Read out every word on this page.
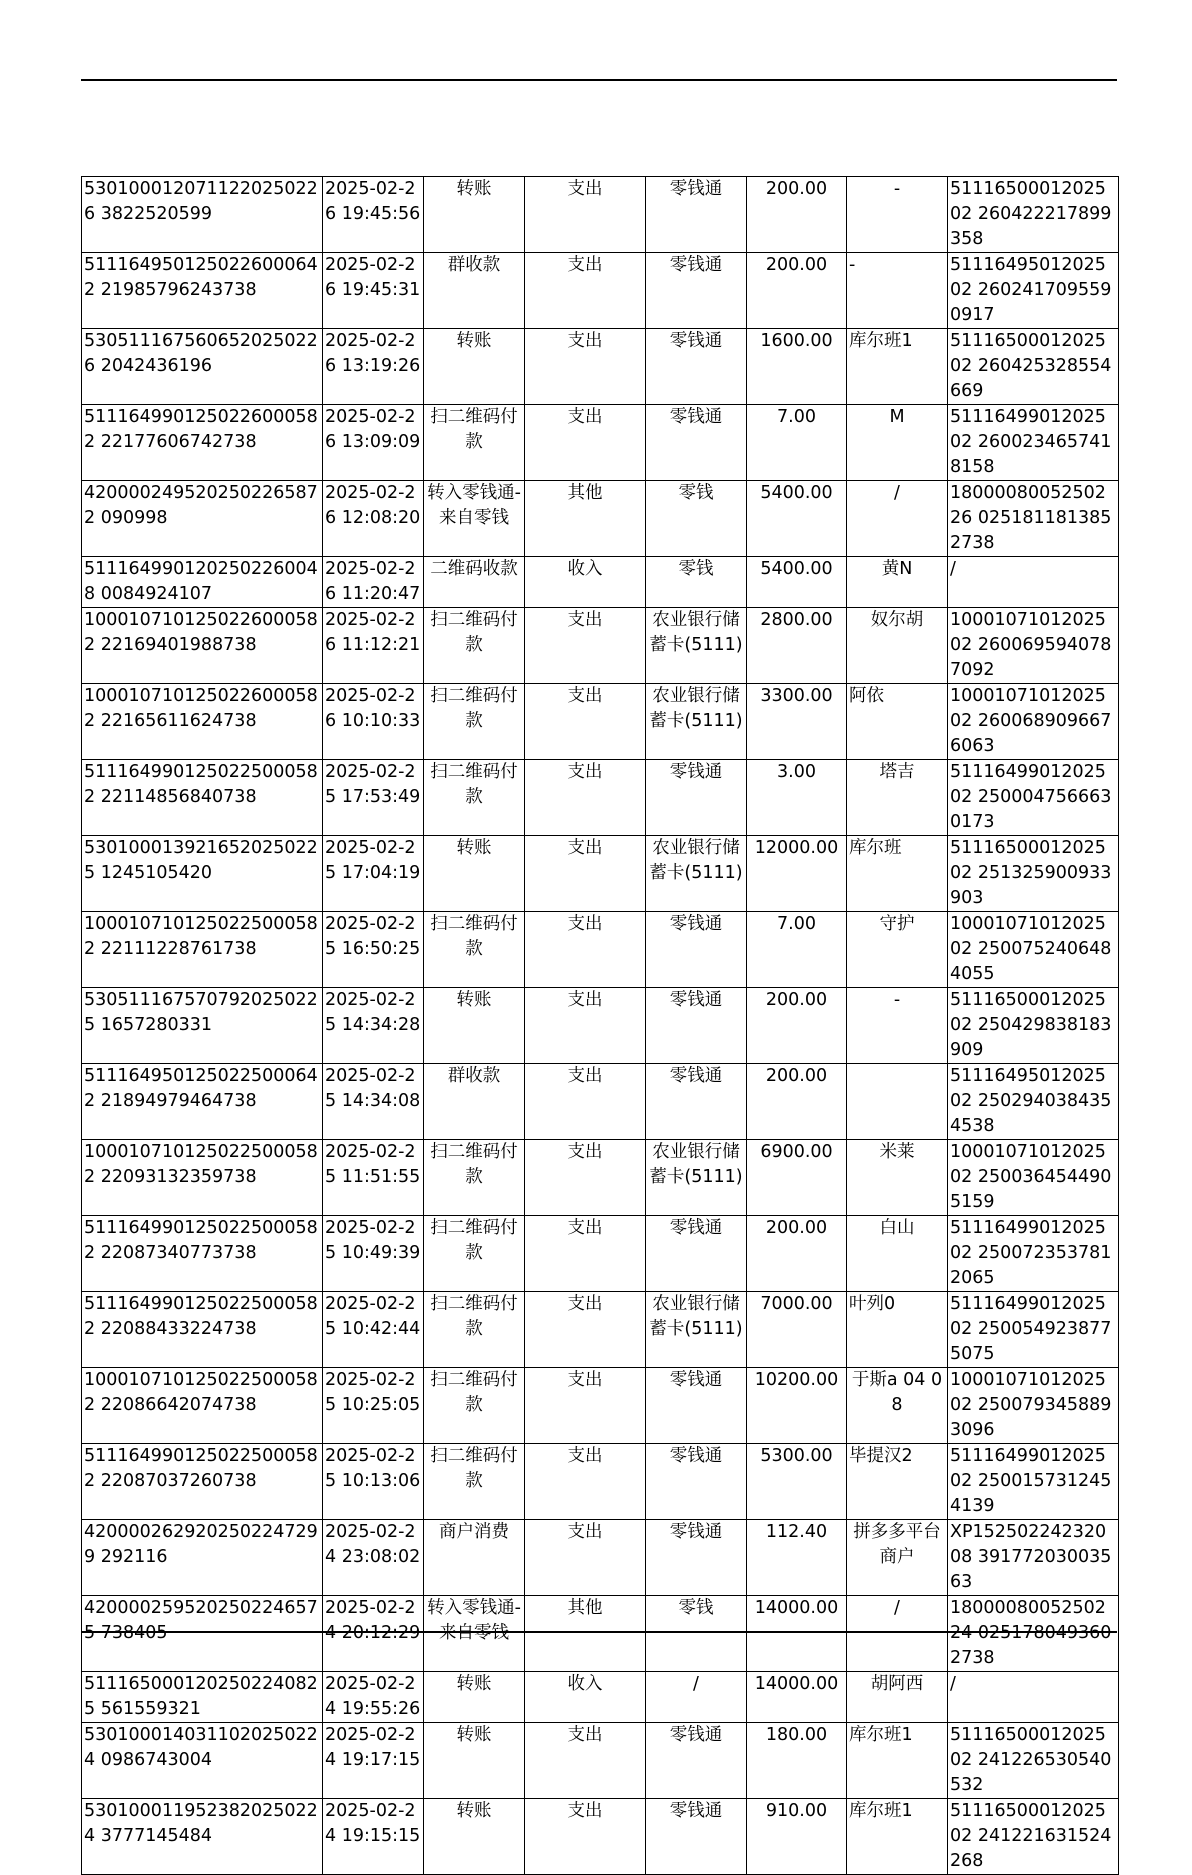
5301000120711220250226 3822520599	2025-02-26 19:45:56	转账	支出	零钱通	200.00	-	5111650001202502 260422217899358
5111649501250226000642 21985796243738	2025-02-26 19:45:31	群收款	支出	零钱通	200.00	-	5111649501202502 2602417095590917
5305111675606520250226 2042436196	2025-02-26 13:19:26	转账	支出	零钱通	1600.00	库尔班1	5111650001202502 260425328554669
5111649901250226000582 22177606742738	2025-02-26 13:09:09	扫二维码付款	支出	零钱通	7.00	M	5111649901202502 2600234657418158
4200002495202502265872 090998	2025-02-26 12:08:20	转入零钱通-来自零钱	其他	零钱	5400.00	/	1800008005250226 0251811813852738
5111649901202502260048 0084924107	2025-02-26 11:20:47	二维码收款	收入	零钱	5400.00	黄N	/
1000107101250226000582 22169401988738	2025-02-26 11:12:21	扫二维码付款	支出	农业银行储蓄卡(5111)	2800.00	奴尔胡	1000107101202502 2600695940787092
1000107101250226000582 22165611624738	2025-02-26 10:10:33	扫二维码付款	支出	农业银行储蓄卡(5111)	3300.00	阿依	1000107101202502 2600689096676063
5111649901250225000582 22114856840738	2025-02-25 17:53:49	扫二维码付款	支出	零钱通	3.00	塔吉	5111649901202502 2500047566630173
5301000139216520250225 1245105420	2025-02-25 17:04:19	转账	支出	农业银行储蓄卡(5111)	12000.00	库尔班	5111650001202502 251325900933903
1000107101250225000582 22111228761738	2025-02-25 16:50:25	扫二维码付款	支出	零钱通	7.00	守护	1000107101202502 2500752406484055
5305111675707920250225 1657280331	2025-02-25 14:34:28	转账	支出	零钱通	200.00	-	5111650001202502 250429838183909
5111649501250225000642 21894979464738	2025-02-25 14:34:08	群收款	支出	零钱通	200.00		5111649501202502 2502940384354538
1000107101250225000582 22093132359738	2025-02-25 11:51:55	扫二维码付款	支出	农业银行储蓄卡(5111)	6900.00	米莱	1000107101202502 2500364544905159
5111649901250225000582 22087340773738	2025-02-25 10:49:39	扫二维码付款	支出	零钱通	200.00	白山	5111649901202502 2500723537812065
5111649901250225000582 22088433224738	2025-02-25 10:42:44	扫二维码付款	支出	农业银行储蓄卡(5111)	7000.00	叶列0	5111649901202502 2500549238775075
1000107101250225000582 22086642074738	2025-02-25 10:25:05	扫二维码付款	支出	零钱通	10200.00	于斯a 04 08	1000107101202502 2500793458893096
5111649901250225000582 22087037260738	2025-02-25 10:13:06	扫二维码付款	支出	零钱通	5300.00	毕提汉2	5111649901202502 2500157312454139
4200002629202502247299 292116	2025-02-24 23:08:02	商户消费	支出	零钱通	112.40	拼多多平台商户	XP15250224232008 39177203003563
4200002595202502246575 738405	2025-02-24 20:12:29	转入零钱通-来自零钱	其他	零钱	14000.00	/	1800008005250224 0251780493602738
5111650001202502240825 561559321	2025-02-24 19:55:26	转账	收入	/	14000.00	胡阿西	/
5301000140311020250224 0986743004	2025-02-24 19:17:15	转账	支出	零钱通	180.00	库尔班1	5111650001202502 241226530540532
5301000119523820250224 3777145484	2025-02-24 19:15:15	转账	支出	零钱通	910.00	库尔班1	5111650001202502 241221631524268
